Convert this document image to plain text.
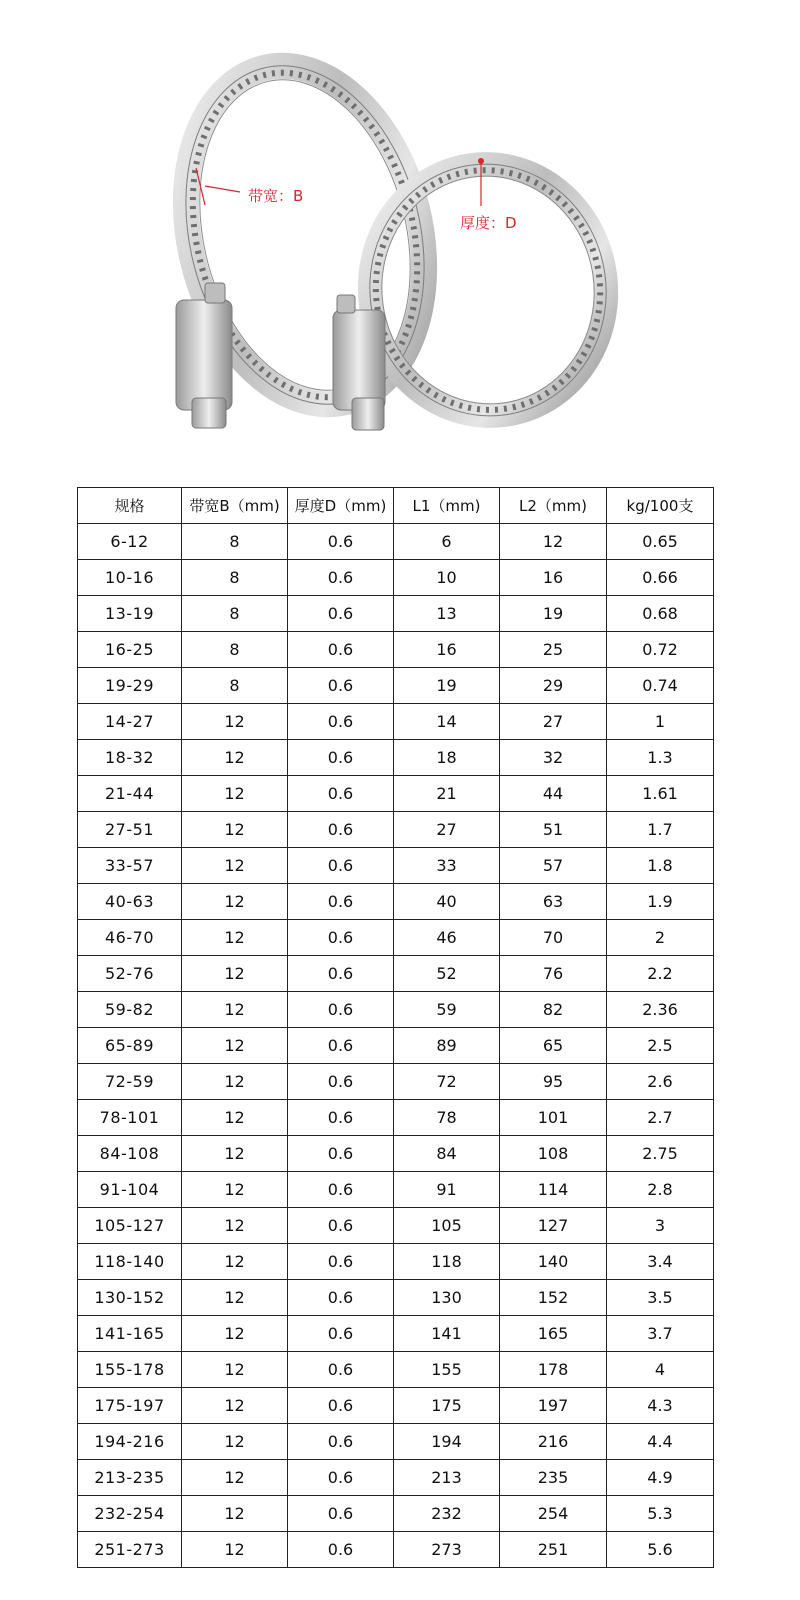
带宽：B
厚度：D
规格	带宽B（mm)	厚度D（mm)	L1（mm)	L2（mm)	kg/100支
6-12	8	0.6	6	12	0.65
10-16	8	0.6	10	16	0.66
13-19	8	0.6	13	19	0.68
16-25	8	0.6	16	25	0.72
19-29	8	0.6	19	29	0.74
14-27	12	0.6	14	27	1
18-32	12	0.6	18	32	1.3
21-44	12	0.6	21	44	1.61
27-51	12	0.6	27	51	1.7
33-57	12	0.6	33	57	1.8
40-63	12	0.6	40	63	1.9
46-70	12	0.6	46	70	2
52-76	12	0.6	52	76	2.2
59-82	12	0.6	59	82	2.36
65-89	12	0.6	89	65	2.5
72-59	12	0.6	72	95	2.6
78-101	12	0.6	78	101	2.7
84-108	12	0.6	84	108	2.75
91-104	12	0.6	91	114	2.8
105-127	12	0.6	105	127	3
118-140	12	0.6	118	140	3.4
130-152	12	0.6	130	152	3.5
141-165	12	0.6	141	165	3.7
155-178	12	0.6	155	178	4
175-197	12	0.6	175	197	4.3
194-216	12	0.6	194	216	4.4
213-235	12	0.6	213	235	4.9
232-254	12	0.6	232	254	5.3
251-273	12	0.6	273	251	5.6
